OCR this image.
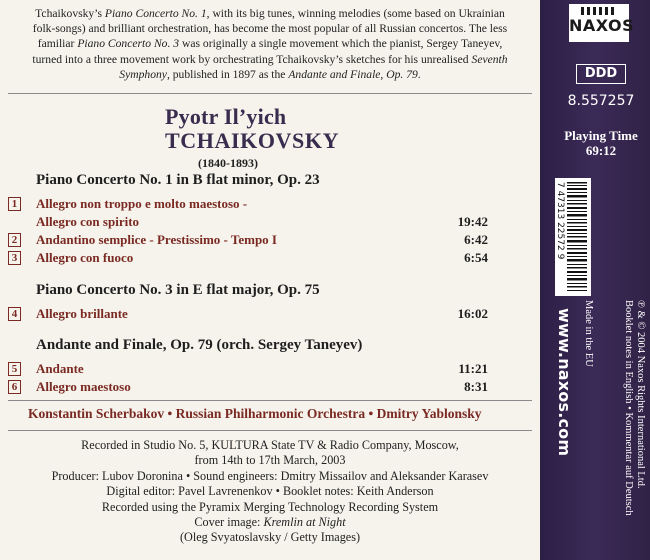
Tchaikovsky’s Piano Concerto No. 1, with its big tunes, winning melodies (some based on Ukrainian
folk-songs) and brilliant orchestration, has become the most popular of all Russian concertos. The less
familiar Piano Concerto No. 3 was originally a single movement which the pianist, Sergey Taneyev,
turned into a three movement work by orchestrating Tchaikovsky’s sketches for his unrealised Seventh
Symphony, published in 1897 as the Andante and Finale, Op. 79.
Pyotr Il’yich
TCHAIKOVSKY
(1840-1893)
Piano Concerto No. 1 in B flat minor, Op. 23
1 Allegro non troppo e molto maestoso -
Allegro con spirito	19:42
2 Andantino semplice - Prestissimo - Tempo I	6:42
3 Allegro con fuoco	6:54
Piano Concerto No. 3 in E flat major, Op. 75
4 Allegro brillante	16:02
Andante and Finale, Op. 79 (orch. Sergey Taneyev)
5 Andante	11:21
6 Allegro maestoso	8:31
Konstantin Scherbakov • Russian Philharmonic Orchestra • Dmitry Yablonsky
Recorded in Studio No. 5, KULTURA State TV & Radio Company, Moscow,
from 14th to 17th March, 2003
Producer: Lubov Doronina • Sound engineers: Dmitry Missailov and Aleksander Karasev
Digital editor: Pavel Lavrenenkov • Booklet notes: Keith Anderson
Recorded using the Pyramix Merging Technology Recording System
Cover image: Kremlin at Night
(Oleg Svyatoslavsky / Getty Images)
NAXOS
DDD
8.557257
Playing Time
69:12
7 47313 22572 9
www.naxos.com Made in the EU	℗ & © 2004 Naxos Rights International Ltd.
Booklet notes in English • Kommentar auf Deutsch
